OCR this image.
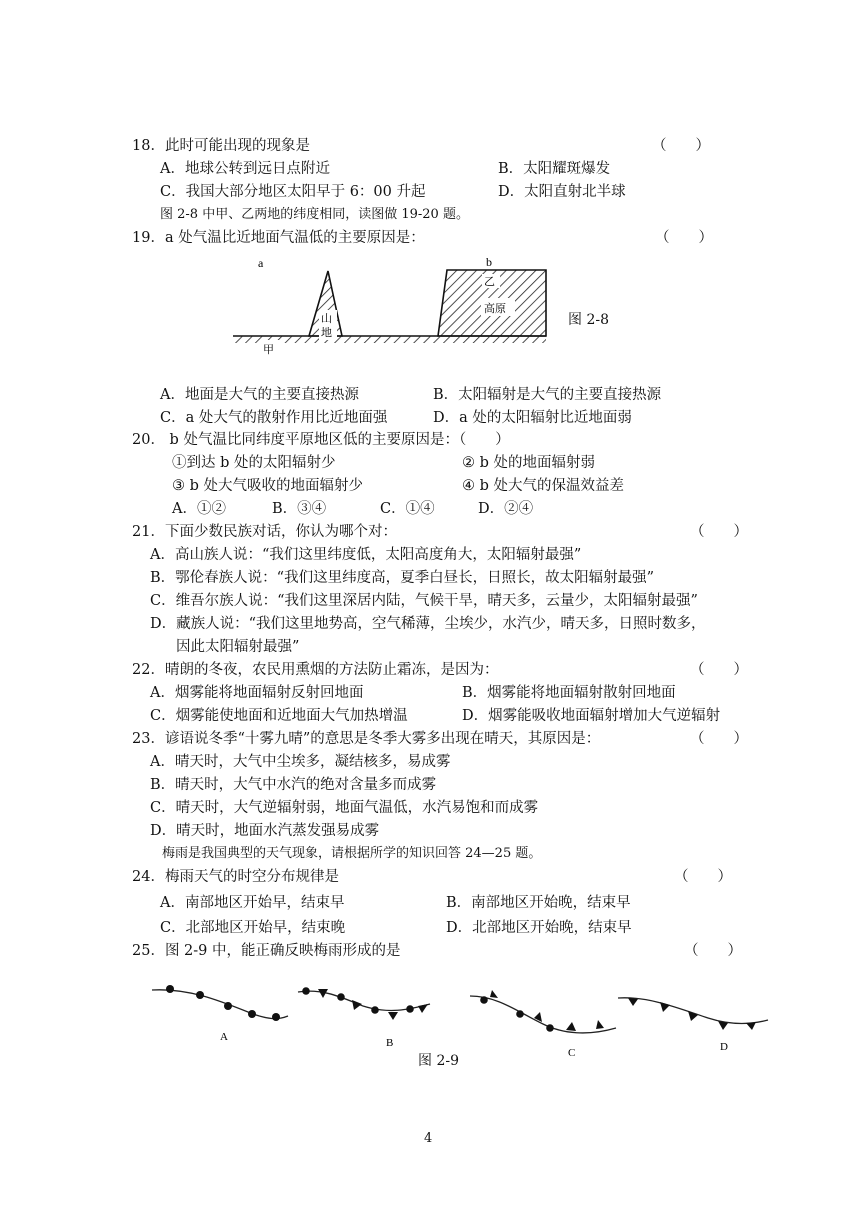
18．此时可能出现的现象是	（　　）
A．地球公转到远日点附近	B．太阳耀斑爆发
C．我国大部分地区太阳早于 6：00 升起	D．太阳直射北半球
图 2-8 中甲、乙两地的纬度相同，读图做 19-20 题。
19．a 处气温比近地面气温低的主要原因是：	（　　）
a	b
乙
山
地
高原
甲
图 2-8
A．地面是大气的主要直接热源	B．太阳辐射是大气的主要直接热源
C．a 处大气的散射作用比近地面强	D．a 处的太阳辐射比近地面弱
20． b 处气温比同纬度平原地区低的主要原因是：（　　）
①到达 b 处的太阳辐射少	② b 处的地面辐射弱
③ b 处大气吸收的地面辐射少	④ b 处大气的保温效益差
A．①②	B．③④	C．①④	D．②④
21．下面少数民族对话，你认为哪个对：	（　　）
A．高山族人说：“我们这里纬度低，太阳高度角大，太阳辐射最强”
B．鄂伦春族人说：“我们这里纬度高，夏季白昼长，日照长，故太阳辐射最强”
C．维吾尔族人说：“我们这里深居内陆，气候干旱，晴天多，云量少，太阳辐射最强”
D．藏族人说：“我们这里地势高，空气稀薄，尘埃少，水汽少，晴天多，日照时数多，
因此太阳辐射最强”
22．晴朗的冬夜，农民用熏烟的方法防止霜冻，是因为：	（　　）
A．烟雾能将地面辐射反射回地面	B．烟雾能将地面辐射散射回地面
C．烟雾能使地面和近地面大气加热增温	D．烟雾能吸收地面辐射增加大气逆辐射
23．谚语说冬季“十雾九晴”的意思是冬季大雾多出现在晴天，其原因是：	（　　）
A．晴天时，大气中尘埃多，凝结核多，易成雾
B．晴天时，大气中水汽的绝对含量多而成雾
C．晴天时，大气逆辐射弱，地面气温低，水汽易饱和而成雾
D．晴天时，地面水汽蒸发强易成雾
梅雨是我国典型的天气现象，请根据所学的知识回答 24—25 题。
24．梅雨天气的时空分布规律是	（　　）
A．南部地区开始早，结束早	B．南部地区开始晚，结束早
C．北部地区开始早，结束晚	D．北部地区开始晚，结束早
25．图 2-9 中，能正确反映梅雨形成的是	（　　）
A	B
C	D
图 2-9
4
